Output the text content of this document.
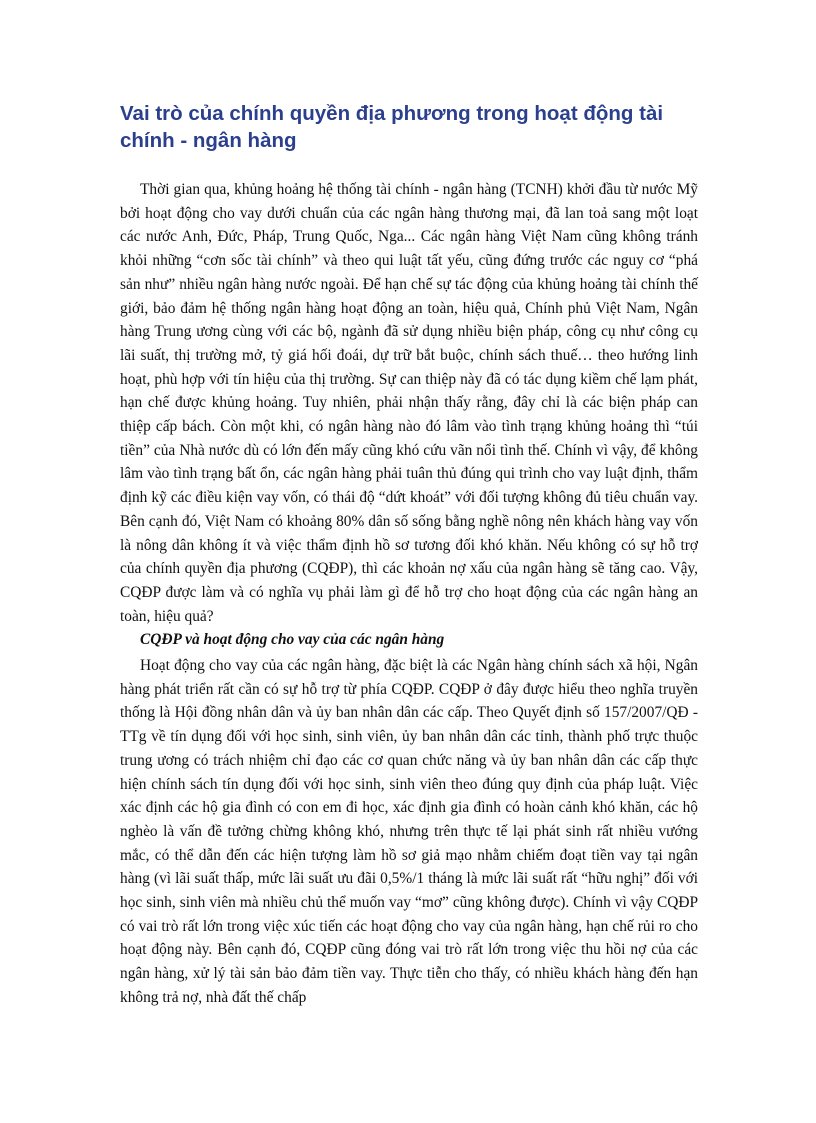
Vai trò của chính quyền địa phương trong hoạt động tài chính - ngân hàng

Thời gian qua, khủng hoảng hệ thống tài chính - ngân hàng (TCNH) khởi đầu từ nước Mỹ bởi hoạt động cho vay dưới chuẩn của các ngân hàng thương mại, đã lan toả sang một loạt các nước Anh, Đức, Pháp, Trung Quốc, Nga... Các ngân hàng Việt Nam cũng không tránh khỏi những “cơn sốc tài chính” và theo qui luật tất yếu, cũng đứng trước các nguy cơ “phá sản như” nhiều ngân hàng nước ngoài. Để hạn chế sự tác động của khủng hoảng tài chính thế giới, bảo đảm hệ thống ngân hàng hoạt động an toàn, hiệu quả, Chính phủ Việt Nam, Ngân hàng Trung ương cùng với các bộ, ngành đã sử dụng nhiều biện pháp, công cụ như công cụ lãi suất, thị trường mở, tỷ giá hối đoái, dự trữ bắt buộc, chính sách thuế… theo hướng linh hoạt, phù hợp với tín hiệu của thị trường. Sự can thiệp này đã có tác dụng kiềm chế lạm phát, hạn chế được khủng hoảng. Tuy nhiên, phải nhận thấy rằng, đây chỉ là các biện pháp can thiệp cấp bách. Còn một khi, có ngân hàng nào đó lâm vào tình trạng khủng hoảng thì “túi tiền” của Nhà nước dù có lớn đến mấy cũng khó cứu vãn nổi tình thế. Chính vì vậy, để không lâm vào tình trạng bất ổn, các ngân hàng phải tuân thủ đúng qui trình cho vay luật định, thẩm định kỹ các điều kiện vay vốn, có thái độ “dứt khoát” với đối tượng không đủ tiêu chuẩn vay. Bên cạnh đó, Việt Nam có khoảng 80% dân số sống bằng nghề nông nên khách hàng vay vốn là nông dân không ít và việc thẩm định hồ sơ tương đối khó khăn. Nếu không có sự hỗ trợ của chính quyền địa phương (CQĐP), thì các khoản nợ xấu của ngân hàng sẽ tăng cao. Vậy, CQĐP được làm và có nghĩa vụ phải làm gì để hỗ trợ cho hoạt động của các ngân hàng an toàn, hiệu quả?

CQĐP và hoạt động cho vay của các ngân hàng

Hoạt động cho vay của các ngân hàng, đặc biệt là các Ngân hàng chính sách xã hội, Ngân hàng phát triển rất cần có sự hỗ trợ từ phía CQĐP. CQĐP ở đây được hiểu theo nghĩa truyền thống là Hội đồng nhân dân và ủy ban nhân dân các cấp. Theo Quyết định số 157/2007/QĐ - TTg về tín dụng đối với học sinh, sinh viên, ủy ban nhân dân các tỉnh, thành phố trực thuộc trung ương có trách nhiệm chỉ đạo các cơ quan chức năng và ủy ban nhân dân các cấp thực hiện chính sách tín dụng đối với học sinh, sinh viên theo đúng quy định của pháp luật. Việc xác định các hộ gia đình có con em đi học, xác định gia đình có hoàn cảnh khó khăn, các hộ nghèo là vấn đề tưởng chừng không khó, nhưng trên thực tế lại phát sinh rất nhiều vướng mắc, có thể dẫn đến các hiện tượng làm hồ sơ giả mạo nhằm chiếm đoạt tiền vay tại ngân hàng (vì lãi suất thấp, mức lãi suất ưu đãi 0,5%/1 tháng là mức lãi suất rất “hữu nghị” đối với học sinh, sinh viên mà nhiều chủ thể muốn vay “mơ” cũng không được). Chính vì vậy CQĐP có vai trò rất lớn trong việc xúc tiến các hoạt động cho vay của ngân hàng, hạn chế rủi ro cho hoạt động này. Bên cạnh đó, CQĐP cũng đóng vai trò rất lớn trong việc thu hồi nợ của các ngân hàng, xử lý tài sản bảo đảm tiền vay. Thực tiễn cho thấy, có nhiều khách hàng đến hạn không trả nợ, nhà đất thế chấp
